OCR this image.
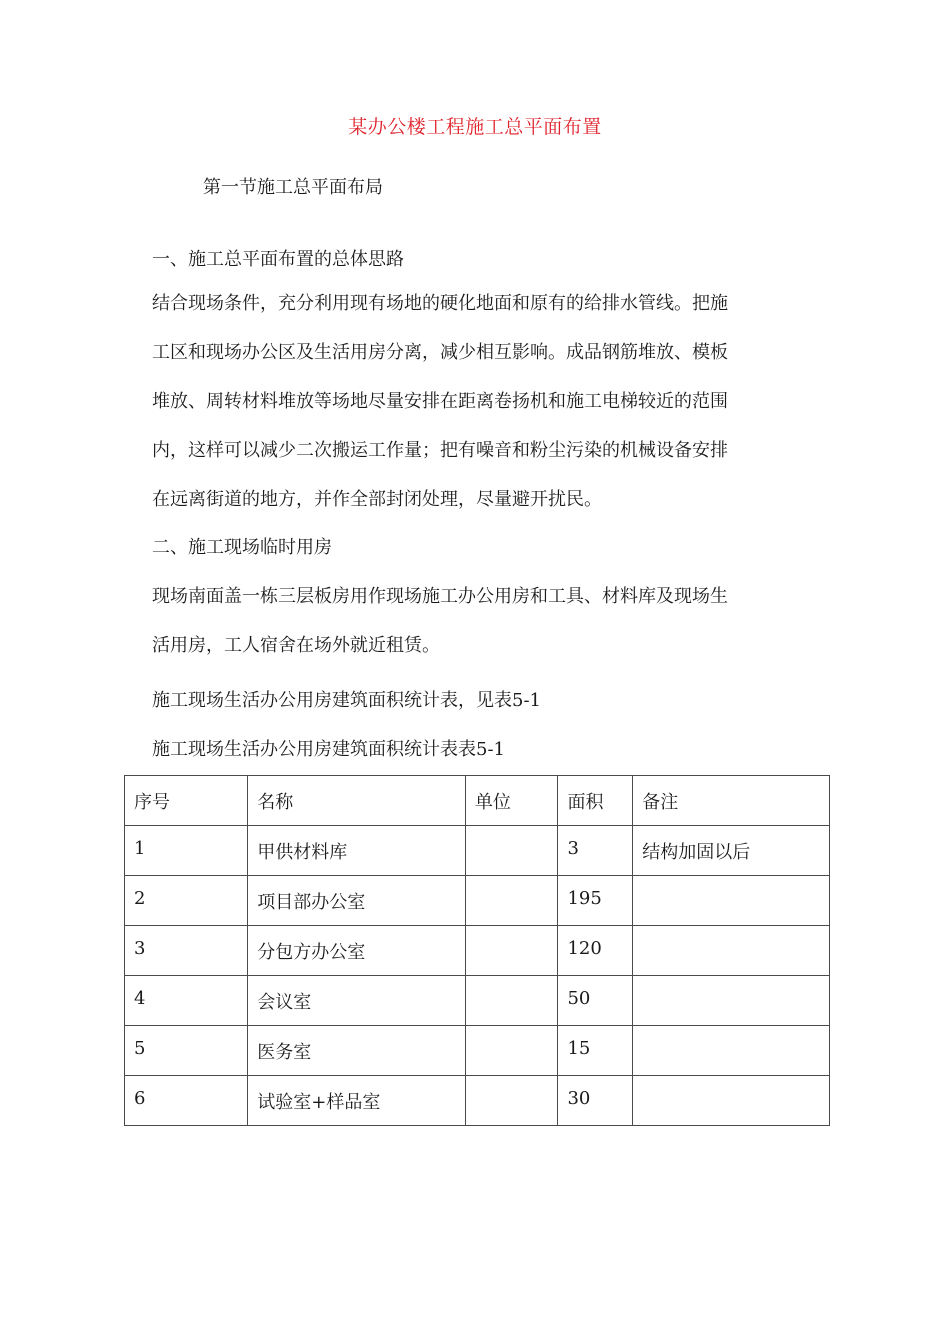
某办公楼工程施工总平面布置
第一节施工总平面布局

一、施工总平面布置的总体思路

结合现场条件，充分利用现有场地的硬化地面和原有的给排水管线。把施
工区和现场办公区及生活用房分离，减少相互影响。成品钢筋堆放、模板
堆放、周转材料堆放等场地尽量安排在距离卷扬机和施工电梯较近的范围
内，这样可以减少二次搬运工作量；把有噪音和粉尘污染的机械设备安排
在远离街道的地方，并作全部封闭处理，尽量避开扰民。

二、施工现场临时用房

现场南面盖一栋三层板房用作现场施工办公用房和工具、材料库及现场生
活用房，工人宿舍在场外就近租赁。

施工现场生活办公用房建筑面积统计表，见表5-1

施工现场生活办公用房建筑面积统计表表5-1

序号	名称	单位	面积	备注
1	甲供材料库		3	结构加固以后
2	项目部办公室		195	
3	分包方办公室		120	
4	会议室		50	
5	医务室		15	
6	试验室+样品室		30	
